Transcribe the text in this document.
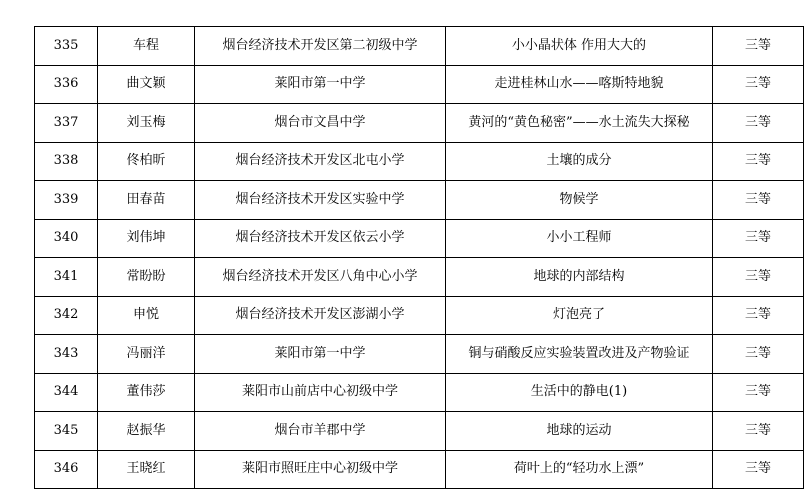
335	车程	烟台经济技术开发区第二初级中学	小小晶状体 作用大大的	三等
336	曲文颖	莱阳市第一中学	走进桂林山水——喀斯特地貌	三等
337	刘玉梅	烟台市文昌中学	黄河的“黄色秘密”——水土流失大探秘	三等
338	佟柏昕	烟台经济技术开发区北屯小学	土壤的成分	三等
339	田春苗	烟台经济技术开发区实验中学	物候学	三等
340	刘伟坤	烟台经济技术开发区依云小学	小小工程师	三等
341	常盼盼	烟台经济技术开发区八角中心小学	地球的内部结构	三等
342	申悦	烟台经济技术开发区澎湖小学	灯泡亮了	三等
343	冯丽洋	莱阳市第一中学	铜与硝酸反应实验装置改进及产物验证	三等
344	董伟莎	莱阳市山前店中心初级中学	生活中的静电(1)	三等
345	赵振华	烟台市羊郡中学	地球的运动	三等
346	王晓红	莱阳市照旺庄中心初级中学	荷叶上的“轻功水上漂”	三等
